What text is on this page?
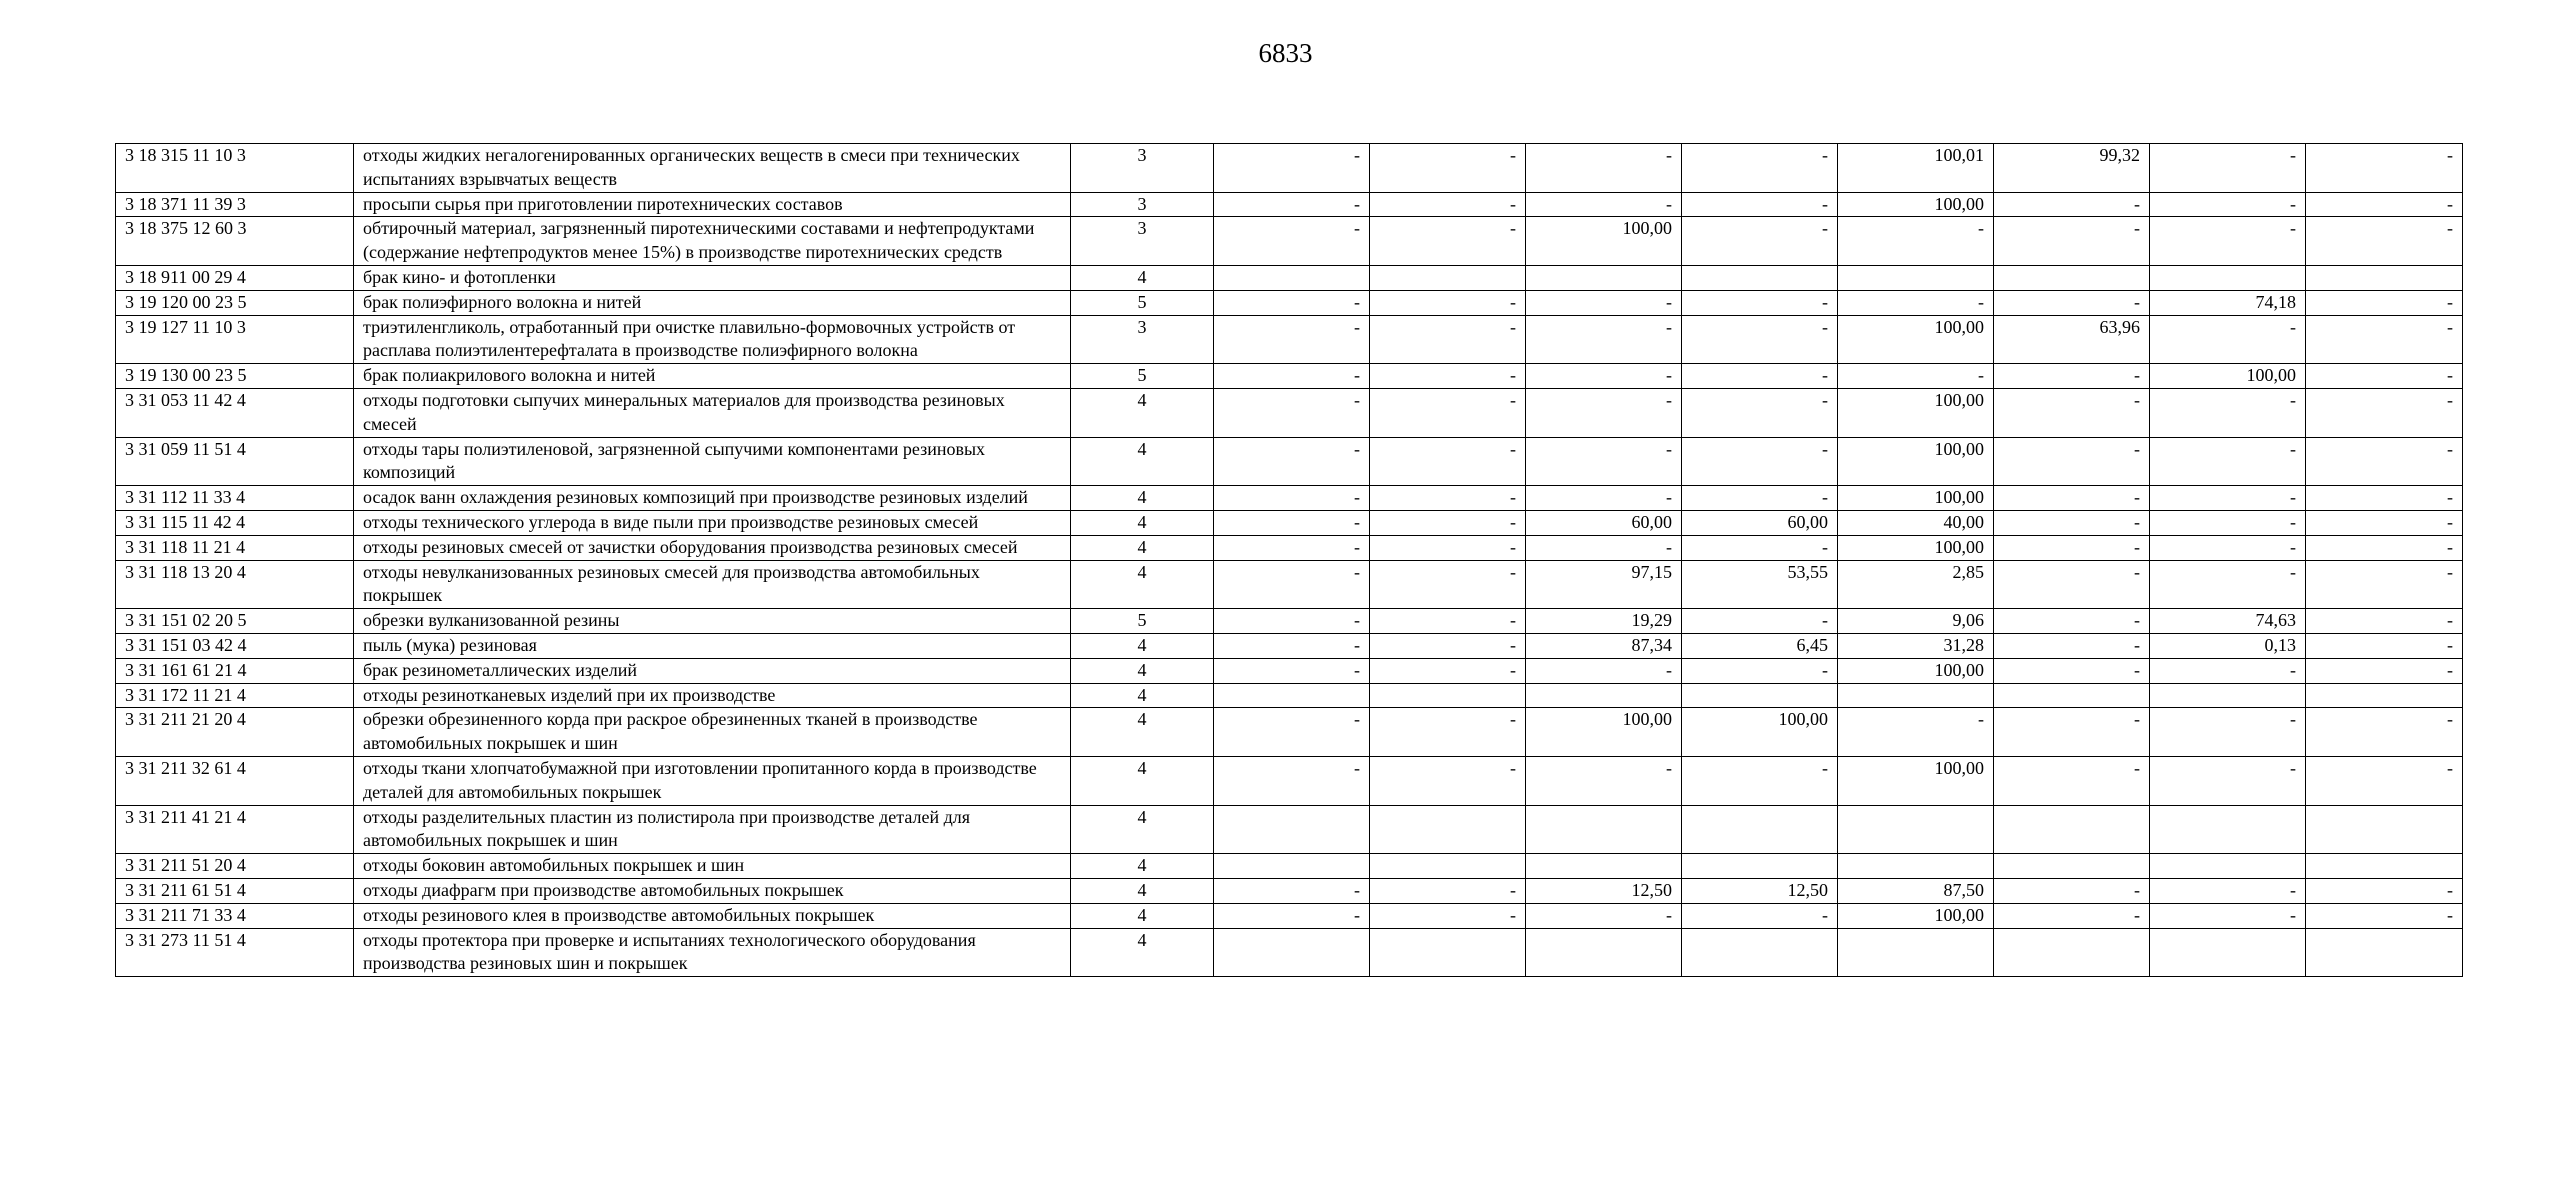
6833
3 18 315 11 10 3	отходы жидких негалогенированных органических веществ в смеси при технических испытаниях взрывчатых веществ	3	-	-	-	-	100,01	99,32	-	-
3 18 371 11 39 3	просыпи сырья при приготовлении пиротехнических составов	3	-	-	-	-	100,00	-	-	-
3 18 375 12 60 3	обтирочный материал, загрязненный пиротехническими составами и нефтепродуктами (содержание нефтепродуктов менее 15%) в производстве пиротехнических средств	3	-	-	100,00	-	-	-	-	-
3 18 911 00 29 4	брак кино- и фотопленки	4								
3 19 120 00 23 5	брак полиэфирного волокна и нитей	5	-	-	-	-	-	-	74,18	-
3 19 127 11 10 3	триэтиленгликоль, отработанный при очистке плавильно-формовочных устройств от расплава полиэтилентерефталата в производстве полиэфирного волокна	3	-	-	-	-	100,00	63,96	-	-
3 19 130 00 23 5	брак полиакрилового волокна и нитей	5	-	-	-	-	-	-	100,00	-
3 31 053 11 42 4	отходы подготовки сыпучих минеральных материалов для производства резиновых смесей	4	-	-	-	-	100,00	-	-	-
3 31 059 11 51 4	отходы тары полиэтиленовой, загрязненной сыпучими компонентами резиновых композиций	4	-	-	-	-	100,00	-	-	-
3 31 112 11 33 4	осадок ванн охлаждения резиновых композиций при производстве резиновых изделий	4	-	-	-	-	100,00	-	-	-
3 31 115 11 42 4	отходы технического углерода в виде пыли при производстве резиновых смесей	4	-	-	60,00	60,00	40,00	-	-	-
3 31 118 11 21 4	отходы резиновых смесей от зачистки оборудования производства резиновых смесей	4	-	-	-	-	100,00	-	-	-
3 31 118 13 20 4	отходы невулканизованных резиновых смесей для производства автомобильных покрышек	4	-	-	97,15	53,55	2,85	-	-	-
3 31 151 02 20 5	обрезки вулканизованной резины	5	-	-	19,29	-	9,06	-	74,63	-
3 31 151 03 42 4	пыль (мука) резиновая	4	-	-	87,34	6,45	31,28	-	0,13	-
3 31 161 61 21 4	брак резинометаллических изделий	4	-	-	-	-	100,00	-	-	-
3 31 172 11 21 4	отходы резинотканевых изделий при их производстве	4								
3 31 211 21 20 4	обрезки обрезиненного корда при раскрое обрезиненных тканей в производстве автомобильных покрышек и шин	4	-	-	100,00	100,00	-	-	-	-
3 31 211 32 61 4	отходы ткани хлопчатобумажной при изготовлении пропитанного корда в производстве деталей для автомобильных покрышек	4	-	-	-	-	100,00	-	-	-
3 31 211 41 21 4	отходы разделительных пластин из полистирола при производстве деталей для автомобильных покрышек и шин	4								
3 31 211 51 20 4	отходы боковин автомобильных покрышек и шин	4								
3 31 211 61 51 4	отходы диафрагм при производстве автомобильных покрышек	4	-	-	12,50	12,50	87,50	-	-	-
3 31 211 71 33 4	отходы резинового клея в производстве автомобильных покрышек	4	-	-	-	-	100,00	-	-	-
3 31 273 11 51 4	отходы протектора при проверке и испытаниях технологического оборудования производства резиновых шин и покрышек	4								
